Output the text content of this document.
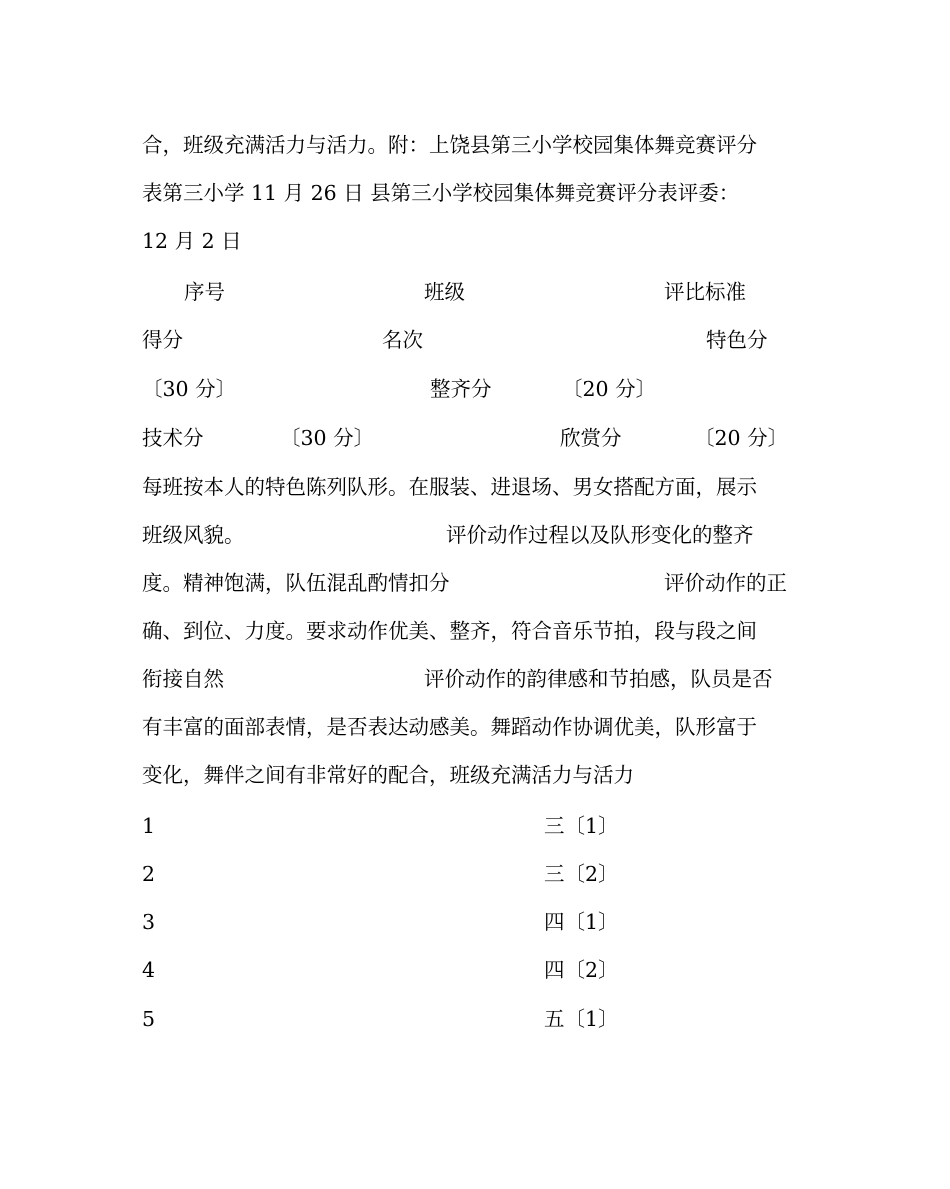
合，班级充满活力与活力。附：上饶县第三小学校园集体舞竞赛评分
表第三小学 11 月 26 日 县第三小学校园集体舞竞赛评分表评委：
12 月 2 日
序号	班级	评比标准
得分	名次	特色分
〔30 分〕	整齐分	〔20 分〕
技术分	〔30 分〕	欣赏分	〔20 分〕
每班按本人的特色陈列队形。在服装、进退场、男女搭配方面，展示
班级风貌。	评价动作过程以及队形变化的整齐
度。精神饱满，队伍混乱酌情扣分	评价动作的正
确、到位、力度。要求动作优美、整齐，符合音乐节拍，段与段之间
衔接自然	评价动作的韵律感和节拍感，队员是否
有丰富的面部表情，是否表达动感美。舞蹈动作协调优美，队形富于
变化，舞伴之间有非常好的配合，班级充满活力与活力
1	三〔1〕
2	三〔2〕
3	四〔1〕
4	四〔2〕
5	五〔1〕
